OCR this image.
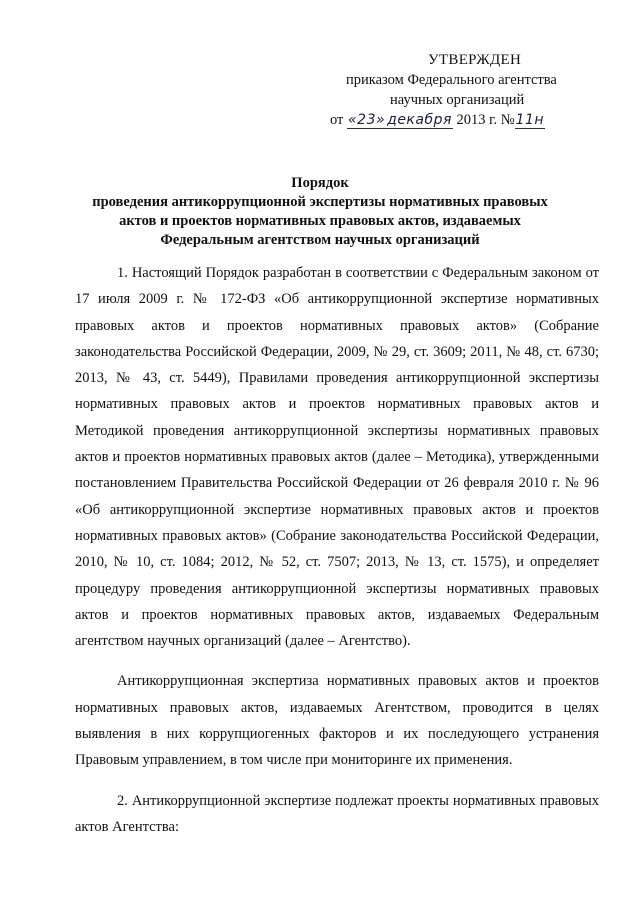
УТВЕРЖДЕН
приказом Федерального агентства
научных организаций
от «23» декабря 2013 г. №11н
Порядок
проведения антикоррупционной экспертизы нормативных правовых
актов и проектов нормативных правовых актов, издаваемых
Федеральным агентством научных организаций

1. Настоящий Порядок разработан в соответствии с Федеральным законом от 17 июля 2009 г. № 172-ФЗ «Об антикоррупционной экспертизе нормативных правовых актов и проектов нормативных правовых актов» (Собрание законодательства Российской Федерации, 2009, № 29, ст. 3609; 2011, № 48, ст. 6730; 2013, № 43, ст. 5449), Правилами проведения антикоррупционной экспертизы нормативных правовых актов и проектов нормативных правовых актов и Методикой проведения антикоррупционной экспертизы нормативных правовых актов и проектов нормативных правовых актов (далее – Методика), утвержденными постановлением Правительства Российской Федерации от 26 февраля 2010 г. № 96 «Об антикоррупционной экспертизе нормативных правовых актов и проектов нормативных правовых актов» (Собрание законодательства Российской Федерации, 2010, № 10, ст. 1084; 2012, № 52, ст. 7507; 2013, № 13, ст. 1575), и определяет процедуру проведения антикоррупционной экспертизы нормативных правовых актов и проектов нормативных правовых актов, издаваемых Федеральным агентством научных организаций (далее – Агентство).

Антикоррупционная экспертиза нормативных правовых актов и проектов нормативных правовых актов, издаваемых Агентством, проводится в целях выявления в них коррупциогенных факторов и их последующего устранения Правовым управлением, в том числе при мониторинге их применения.

2. Антикоррупционной экспертизе подлежат проекты нормативных правовых актов Агентства:
